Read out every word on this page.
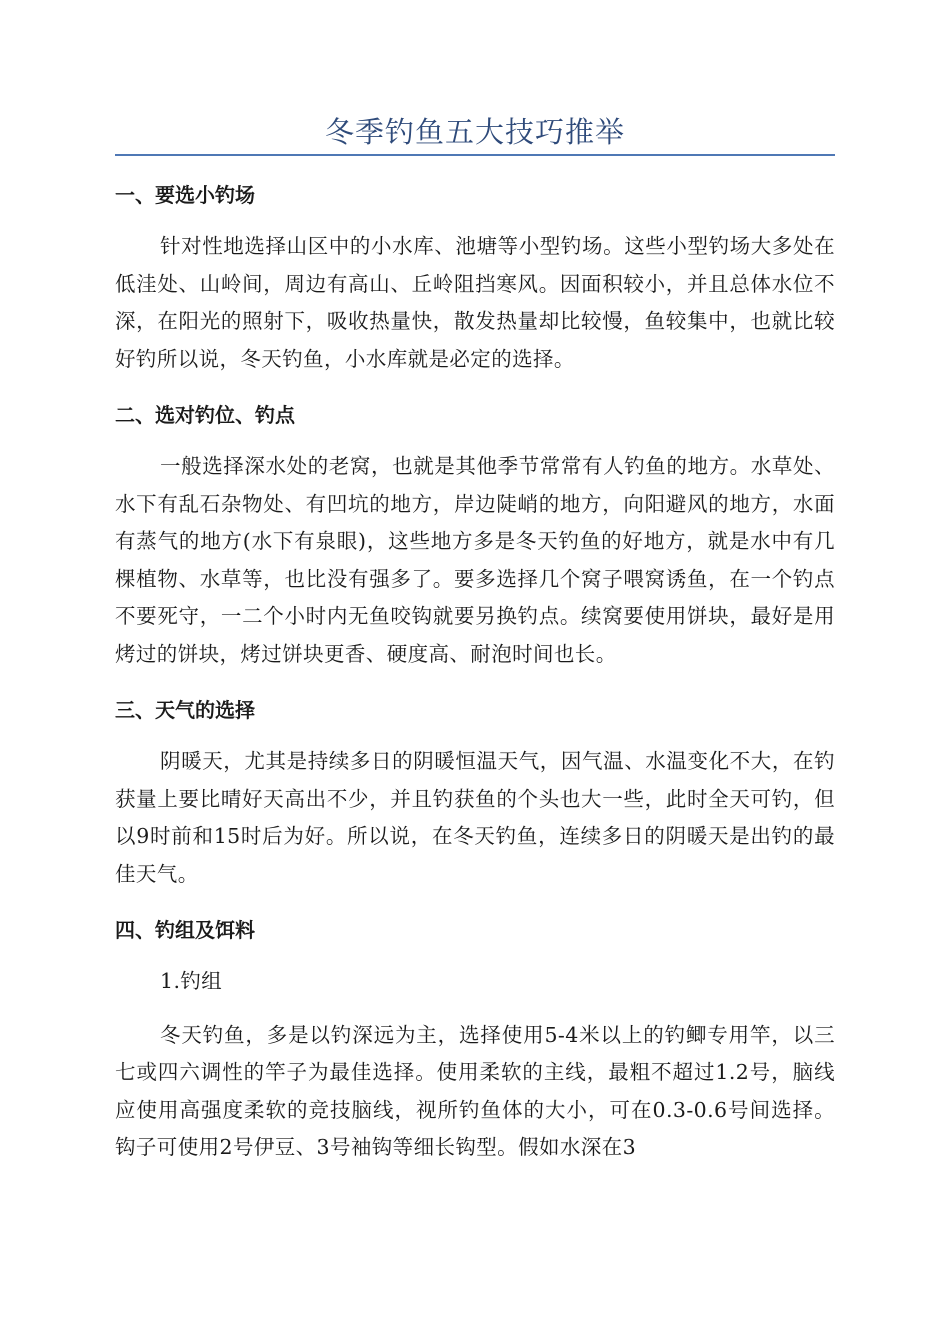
冬季钓鱼五大技巧推举
一、要选小钓场

针对性地选择山区中的小水库、池塘等小型钓场。这些小型钓场大多处在低洼处、山岭间，周边有高山、丘岭阻挡寒风。因面积较小，并且总体水位不深，在阳光的照射下，吸收热量快，散发热量却比较慢，鱼较集中，也就比较好钓所以说，冬天钓鱼，小水库就是必定的选择。

二、选对钓位、钓点

一般选择深水处的老窝，也就是其他季节常常有人钓鱼的地方。水草处、水下有乱石杂物处、有凹坑的地方，岸边陡峭的地方，向阳避风的地方，水面有蒸气的地方(水下有泉眼)，这些地方多是冬天钓鱼的好地方，就是水中有几棵植物、水草等，也比没有强多了。要多选择几个窝子喂窝诱鱼，在一个钓点不要死守，一二个小时内无鱼咬钩就要另换钓点。续窝要使用饼块，最好是用烤过的饼块，烤过饼块更香、硬度高、耐泡时间也长。

三、天气的选择

阴暖天，尤其是持续多日的阴暖恒温天气，因气温、水温变化不大，在钓获量上要比晴好天高出不少，并且钓获鱼的个头也大一些，此时全天可钓，但以9时前和15时后为好。所以说，在冬天钓鱼，连续多日的阴暖天是出钓的最佳天气。

四、钓组及饵料

1.钓组

冬天钓鱼，多是以钓深远为主，选择使用5-4米以上的钓鲫专用竿，以三七或四六调性的竿子为最佳选择。使用柔软的主线，最粗不超过1.2号，脑线应使用高强度柔软的竞技脑线，视所钓鱼体的大小，可在0.3-0.6号间选择。钩子可使用2号伊豆、3号袖钩等细长钩型。假如水深在3
